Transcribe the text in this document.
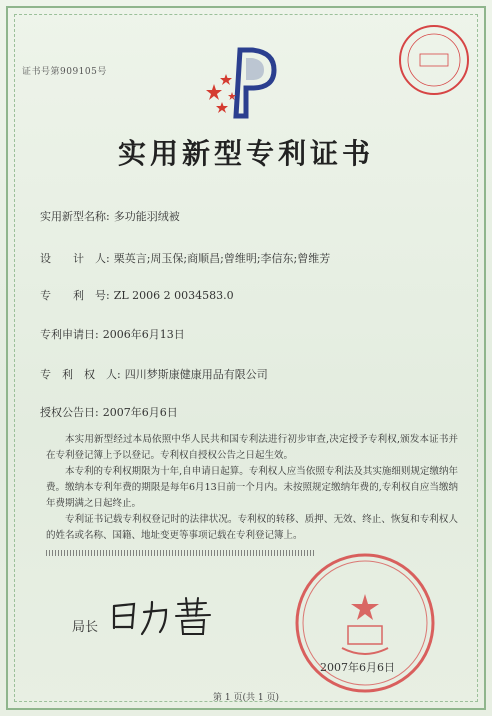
证书号第909105号
实用新型专利证书
实用新型名称: 多功能羽绒被
设　　计　人: 栗英言;周玉保;商顺昌;曾维明;李信东;曾维芳
专　　利　号: ZL 2006 2 0034583.0
专利申请日: 2006年6月13日
专　利　权　人: 四川梦斯康健康用品有限公司
授权公告日: 2007年6月6日

本实用新型经过本局依照中华人民共和国专利法进行初步审查,决定授予专利权,颁发本证书并在专利登记簿上予以登记。专利权自授权公告之日起生效。

本专利的专利权期限为十年,自申请日起算。专利权人应当依照专利法及其实施细则规定缴纳年费。缴纳本专利年费的期限是每年6月13日前一个月内。未按照规定缴纳年费的,专利权自应当缴纳年费期满之日起终止。

专利证书记载专利权登记时的法律状况。专利权的转移、质押、无效、终止、恢复和专利权人的姓名或名称、国籍、地址变更等事项记载在专利登记簿上。

局长
2007年6月6日
第 1 页(共 1 页)
